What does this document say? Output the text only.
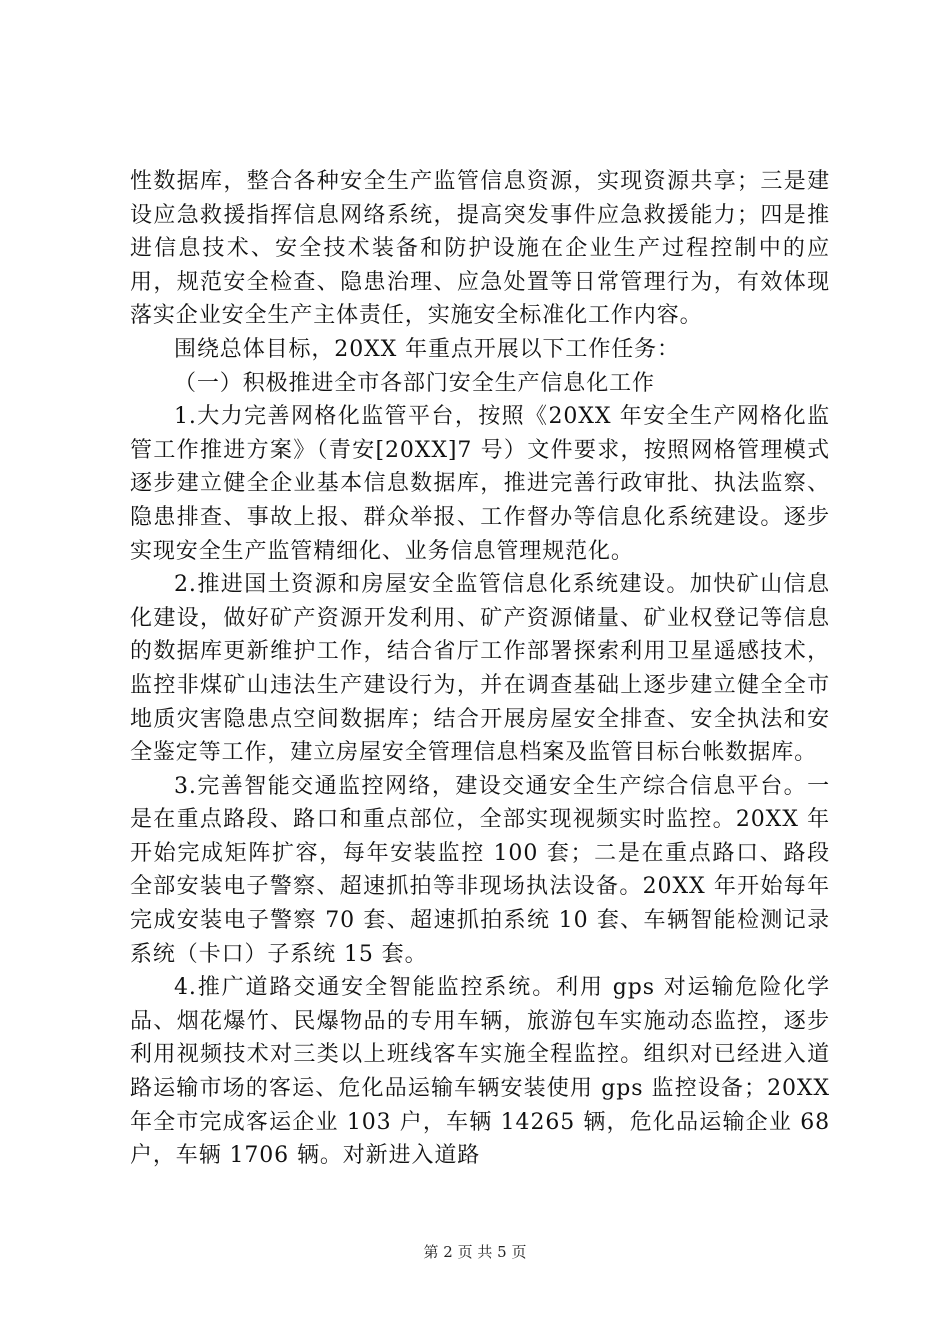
性数据库，整合各种安全生产监管信息资源，实现资源共享；三是建设应急救援指挥信息网络系统，提高突发事件应急救援能力；四是推进信息技术、安全技术装备和防护设施在企业生产过程控制中的应用，规范安全检查、隐患治理、应急处置等日常管理行为，有效体现落实企业安全生产主体责任，实施安全标准化工作内容。

围绕总体目标，20XX 年重点开展以下工作任务：

（一）积极推进全市各部门安全生产信息化工作

1.大力完善网格化监管平台，按照《20XX 年安全生产网格化监管工作推进方案》（青安[20XX]7 号）文件要求，按照网格管理模式逐步建立健全企业基本信息数据库，推进完善行政审批、执法监察、隐患排查、事故上报、群众举报、工作督办等信息化系统建设。逐步实现安全生产监管精细化、业务信息管理规范化。

2.推进国土资源和房屋安全监管信息化系统建设。加快矿山信息化建设，做好矿产资源开发利用、矿产资源储量、矿业权登记等信息的数据库更新维护工作，结合省厅工作部署探索利用卫星遥感技术，监控非煤矿山违法生产建设行为，并在调查基础上逐步建立健全全市地质灾害隐患点空间数据库；结合开展房屋安全排查、安全执法和安全鉴定等工作，建立房屋安全管理信息档案及监管目标台帐数据库。

3.完善智能交通监控网络，建设交通安全生产综合信息平台。一是在重点路段、路口和重点部位，全部实现视频实时监控。20XX 年开始完成矩阵扩容，每年安装监控 100 套；二是在重点路口、路段全部安装电子警察、超速抓拍等非现场执法设备。20XX 年开始每年完成安装电子警察 70 套、超速抓拍系统 10 套、车辆智能检测记录系统（卡口）子系统 15 套。

4.推广道路交通安全智能监控系统。利用 gps 对运输危险化学品、烟花爆竹、民爆物品的专用车辆，旅游包车实施动态监控，逐步利用视频技术对三类以上班线客车实施全程监控。组织对已经进入道路运输市场的客运、危化品运输车辆安装使用 gps 监控设备；20XX 年全市完成客运企业 103 户，车辆 14265 辆，危化品运输企业 68 户，车辆 1706 辆。对新进入道路

第 2 页 共 5 页
